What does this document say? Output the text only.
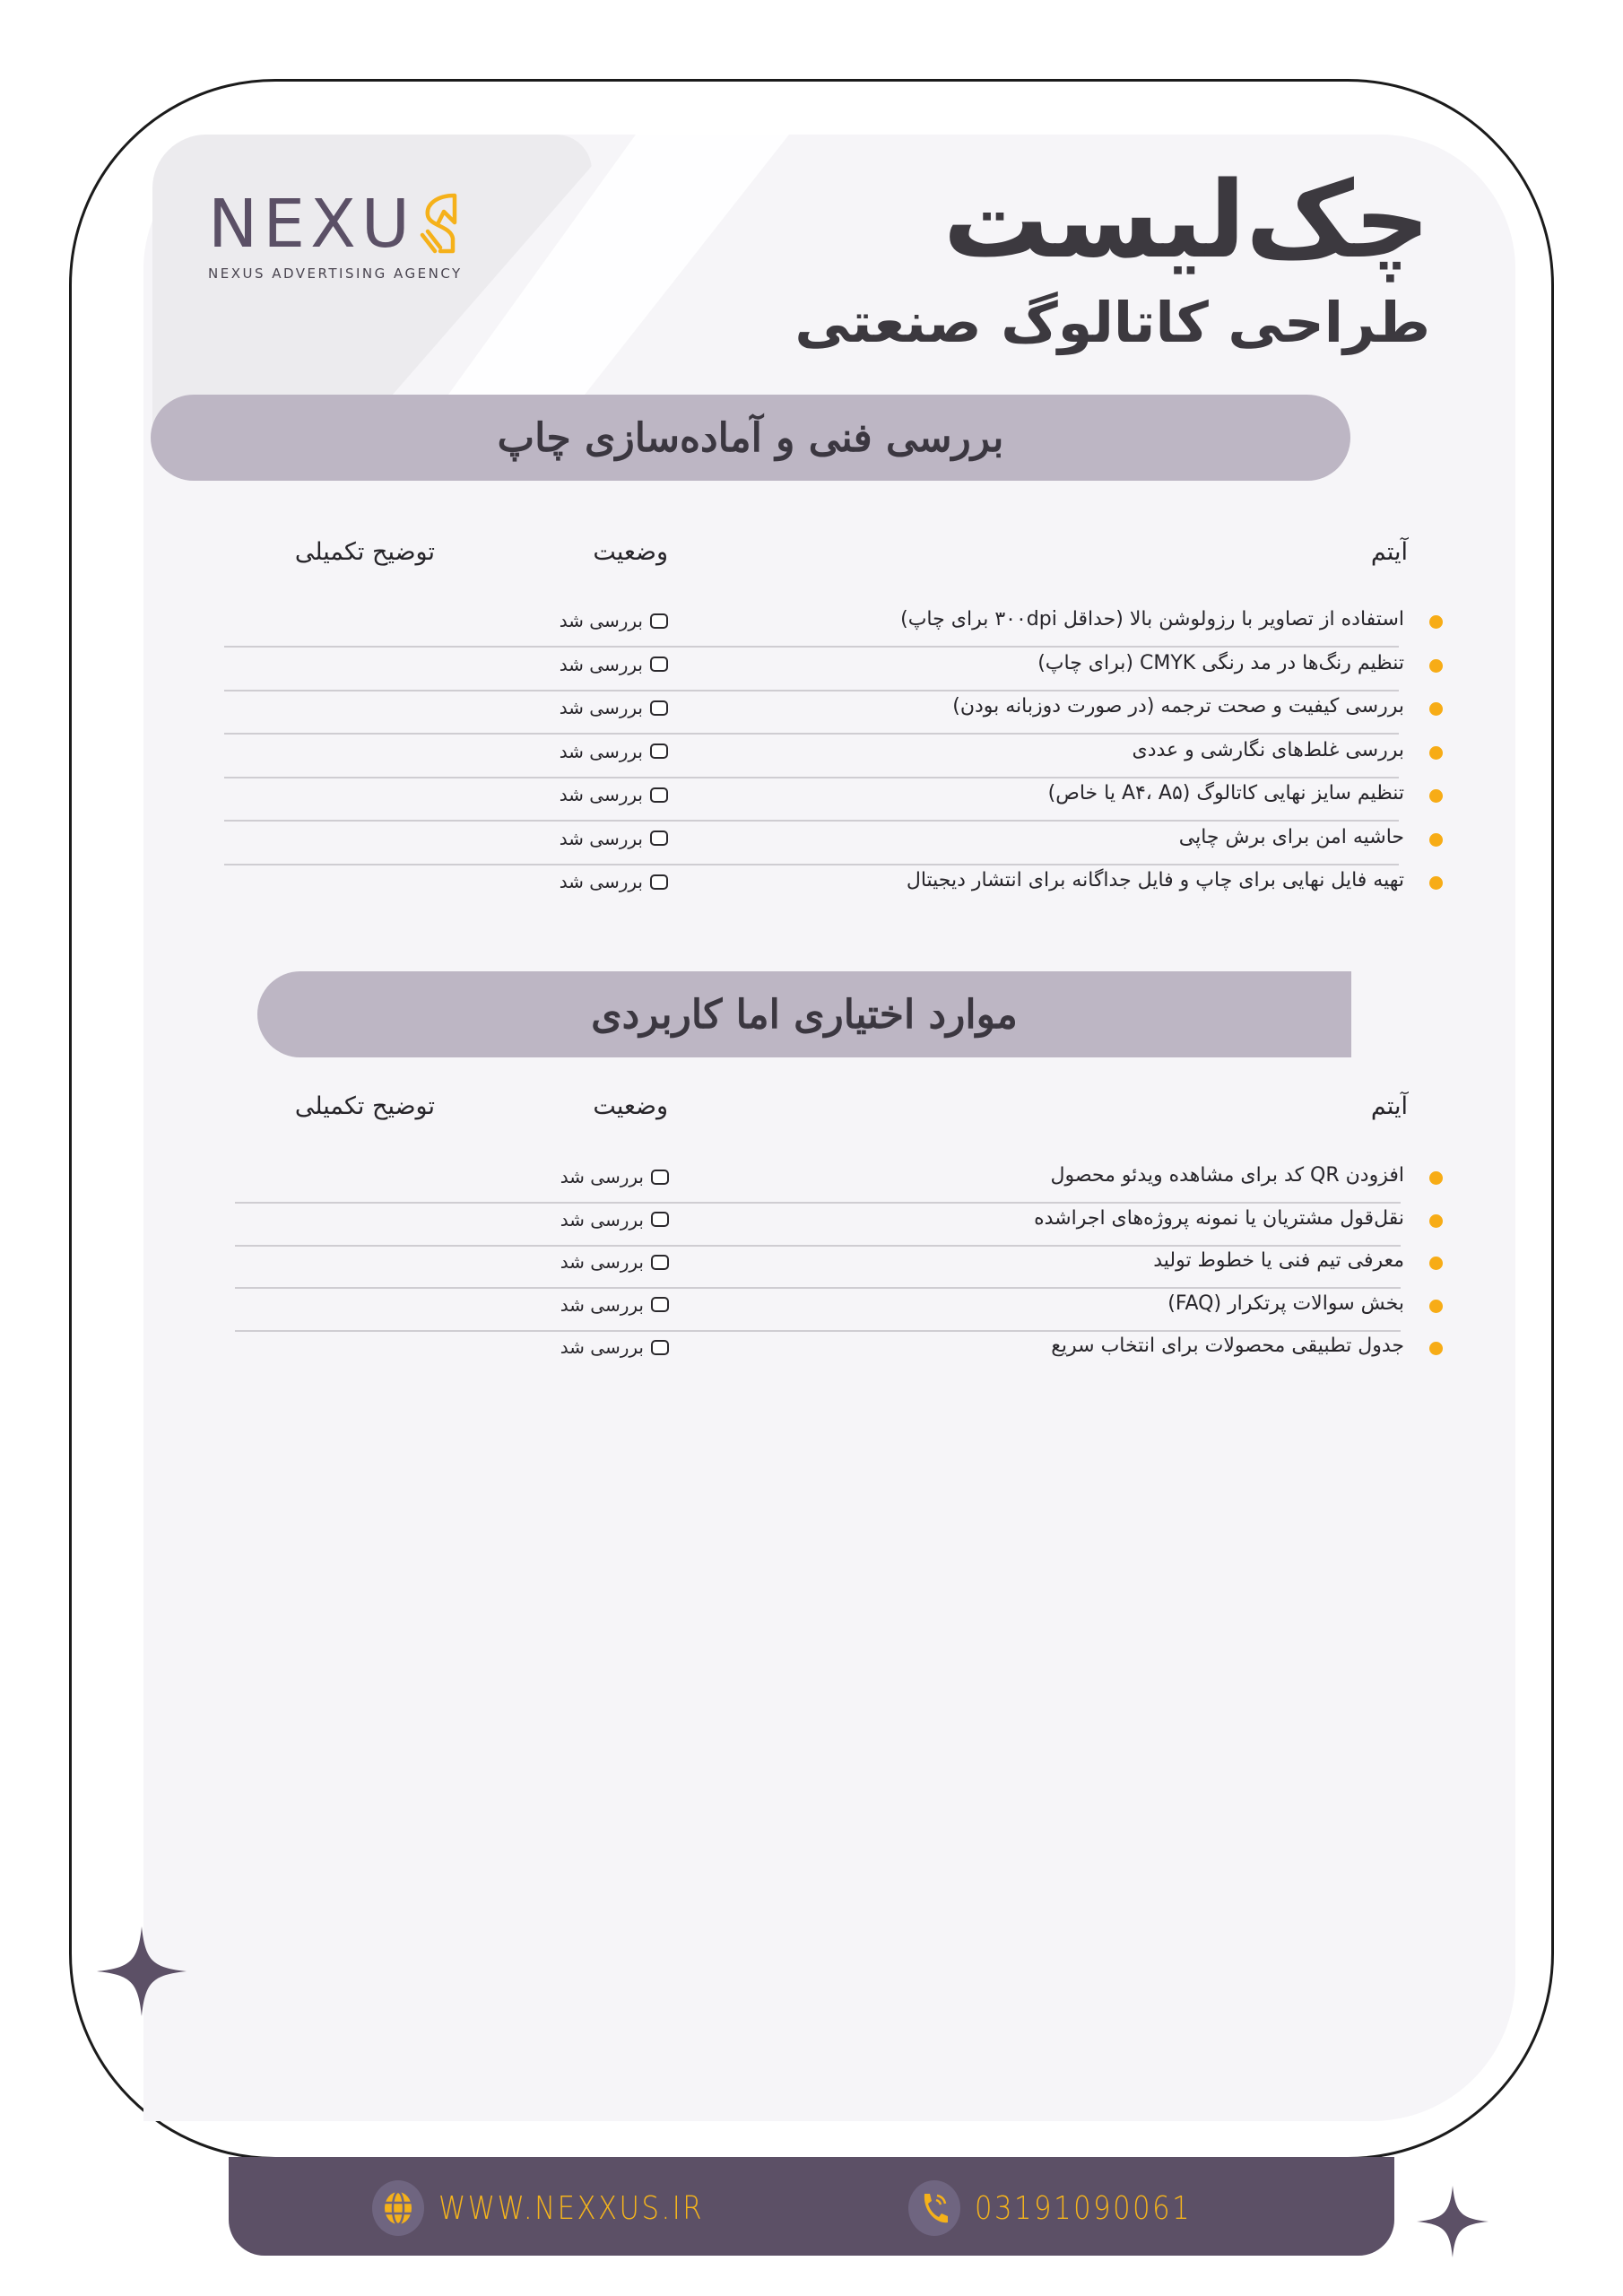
NEXU
NEXUS ADVERTISING AGENCY	چک‌لیست
طراحی کاتالوگ صنعتی
بررسی فنی و آماده‌سازی چاپ
آیتم
وضعیت
توضیح تکمیلی
استفاده از تصاویر با رزولوشن بالا (حداقل ۳۰۰dpi برای چاپ)
بررسی شد
تنظیم رنگ‌ها در مد رنگی CMYK (برای چاپ)
بررسی شد
بررسی کیفیت و صحت ترجمه (در صورت دوزبانه بودن)
بررسی شد
بررسی غلط‌های نگارشی و عددی
بررسی شد
تنظیم سایز نهایی کاتالوگ (A۴، A۵ یا خاص)
بررسی شد
حاشیه امن برای برش چاپی
بررسی شد
تهیه فایل نهایی برای چاپ و فایل جداگانه برای انتشار دیجیتال
بررسی شد
موارد اختیاری اما کاربردی
آیتم
وضعیت
توضیح تکمیلی
افزودن QR کد برای مشاهده ویدئو محصول
بررسی شد
نقل‌قول مشتریان یا نمونه پروژه‌های اجراشده
بررسی شد
معرفی تیم فنی یا خطوط تولید
بررسی شد
بخش سوالات پرتکرار (FAQ)
بررسی شد
جدول تطبیقی محصولات برای انتخاب سریع
بررسی شد
WWW.NEXXUS.IR	03191090061
